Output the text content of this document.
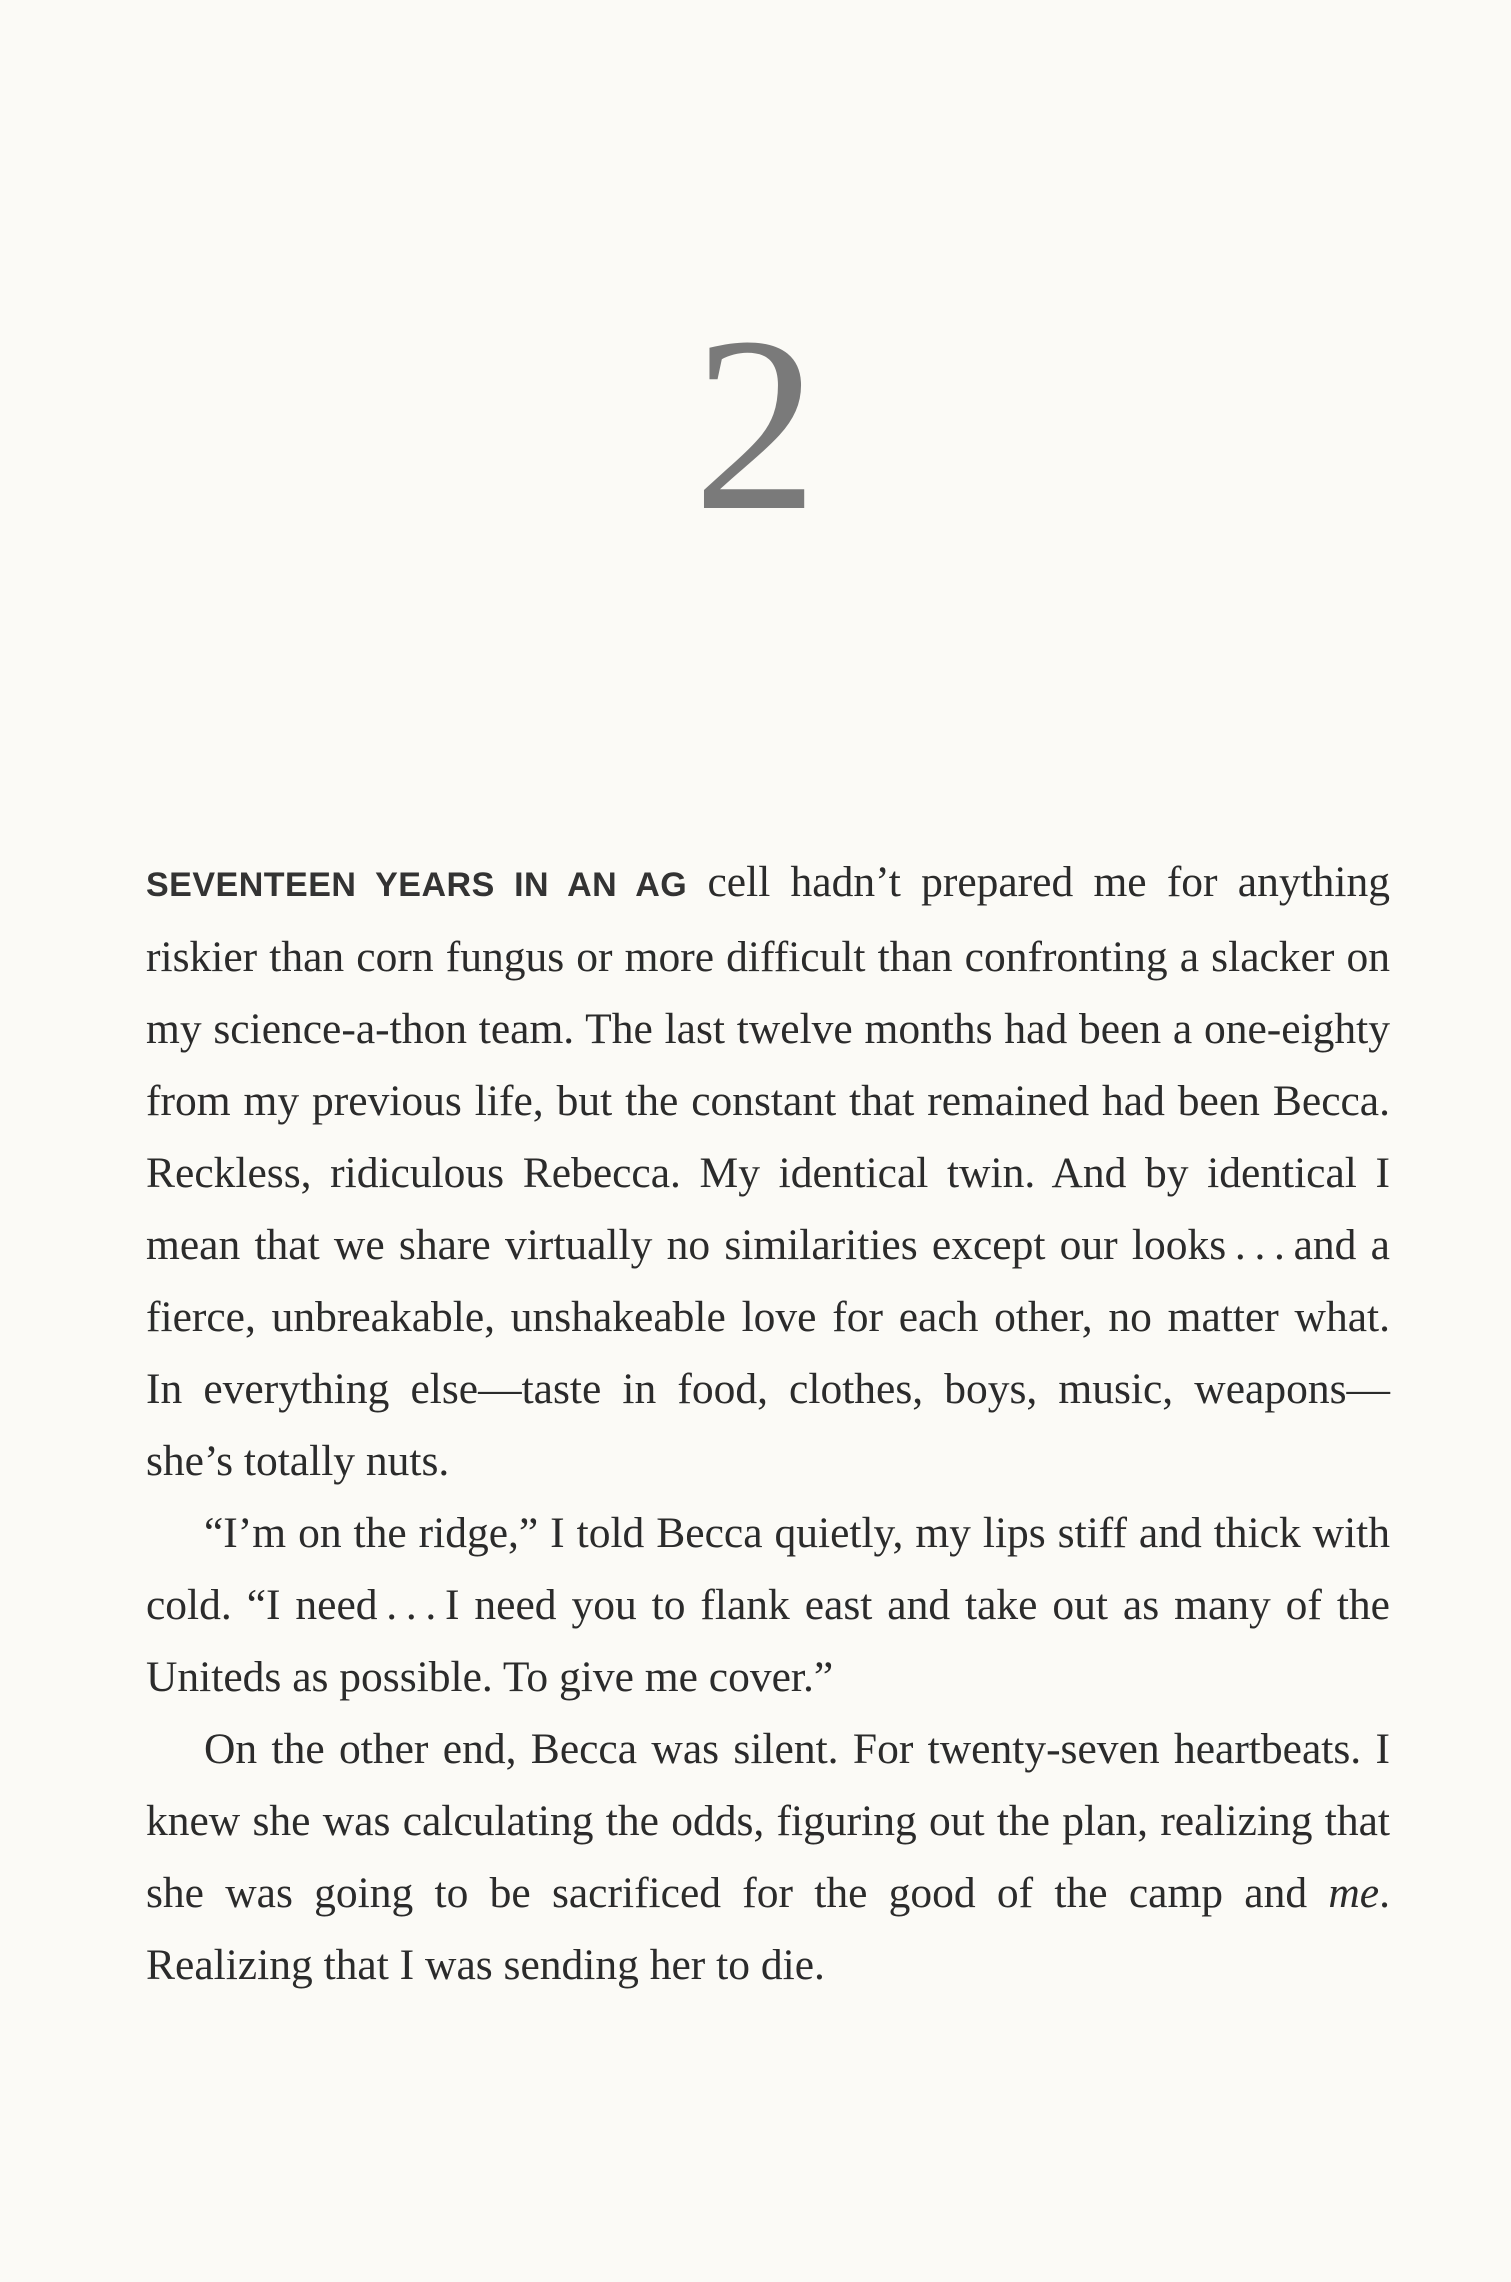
2

SEVENTEEN YEARS IN AN AG cell hadn’t prepared me for anything riskier than corn fungus or more difficult than confronting a slacker on my science-a-thon team. The last twelve months had been a one-eighty from my previous life, but the constant that remained had been Becca. Reckless, ridiculous Rebecca. My identical twin. And by identical I mean that we share virtually no similarities except our looks . . . and a fierce, unbreakable, unshakeable love for each other, no matter what. In everything else—taste in food, clothes, boys, music, weapons—she’s totally nuts.

“I’m on the ridge,” I told Becca quietly, my lips stiff and thick with cold. “I need . . . I need you to flank east and take out as many of the Uniteds as possible. To give me cover.”

On the other end, Becca was silent. For twenty-seven heartbeats. I knew she was calculating the odds, figuring out the plan, realizing that she was going to be sacrificed for the good of the camp and me. Realizing that I was sending her to die.
